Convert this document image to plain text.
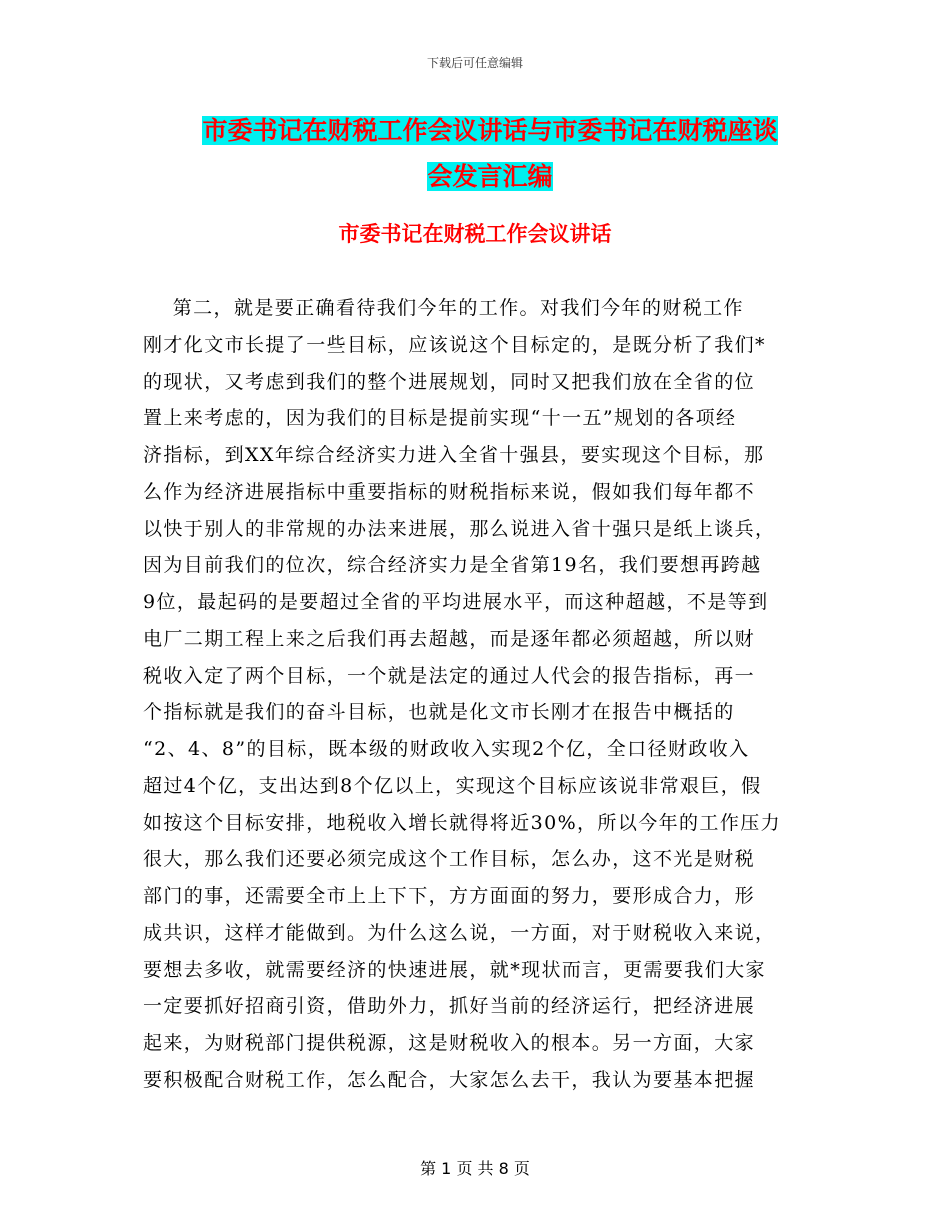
下载后可任意编辑
市委书记在财税工作会议讲话与市委书记在财税座谈
会发言汇编
市委书记在财税工作会议讲话
第二，就是要正确看待我们今年的工作。对我们今年的财税工作
刚才化文市长提了一些目标，应该说这个目标定的，是既分析了我们*
的现状，又考虑到我们的整个进展规划，同时又把我们放在全省的位
置上来考虑的，因为我们的目标是提前实现“十一五”规划的各项经
济指标，到XX年综合经济实力进入全省十强县，要实现这个目标，那
么作为经济进展指标中重要指标的财税指标来说，假如我们每年都不
以快于别人的非常规的办法来进展，那么说进入省十强只是纸上谈兵，
因为目前我们的位次，综合经济实力是全省第19名，我们要想再跨越
9位，最起码的是要超过全省的平均进展水平，而这种超越，不是等到
电厂二期工程上来之后我们再去超越，而是逐年都必须超越，所以财
税收入定了两个目标，一个就是法定的通过人代会的报告指标，再一
个指标就是我们的奋斗目标，也就是化文市长刚才在报告中概括的
“2、4、8”的目标，既本级的财政收入实现2个亿，全口径财政收入
超过4个亿，支出达到8个亿以上，实现这个目标应该说非常艰巨，假
如按这个目标安排，地税收入增长就得将近30%，所以今年的工作压力
很大，那么我们还要必须完成这个工作目标，怎么办，这不光是财税
部门的事，还需要全市上上下下，方方面面的努力，要形成合力，形
成共识，这样才能做到。为什么这么说，一方面，对于财税收入来说，
要想去多收，就需要经济的快速进展，就*现状而言，更需要我们大家
一定要抓好招商引资，借助外力，抓好当前的经济运行，把经济进展
起来，为财税部门提供税源，这是财税收入的根本。另一方面，大家
要积极配合财税工作，怎么配合，大家怎么去干，我认为要基本把握
第 1 页 共 8 页
